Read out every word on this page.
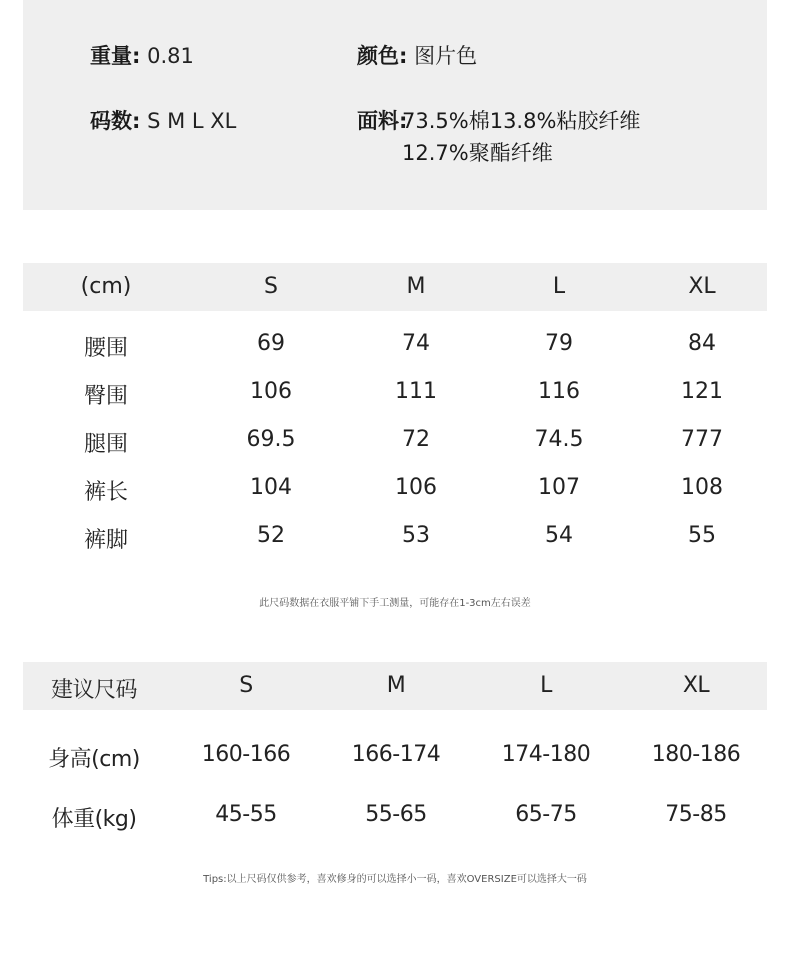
重量: 0.81	颜色: 图片色
码数: S M L XL	面料:
73.5%棉13.8%粘胶纤维
12.7%聚酯纤维
(cm)	S	M	L	XL
腰围	69	74	79	84
臀围	106	111	116	121
腿围	69.5	72	74.5	777
裤长	104	106	107	108
裤脚	52	53	54	55
此尺码数据在衣服平铺下手工测量，可能存在1-3cm左右误差
建议尺码	S	M	L	XL
身高(cm)	160-166	166-174	174-180	180-186
体重(kg)	45-55	55-65	65-75	75-85
Tips:以上尺码仅供参考，喜欢修身的可以选择小一码，喜欢OVERSIZE可以选择大一码
